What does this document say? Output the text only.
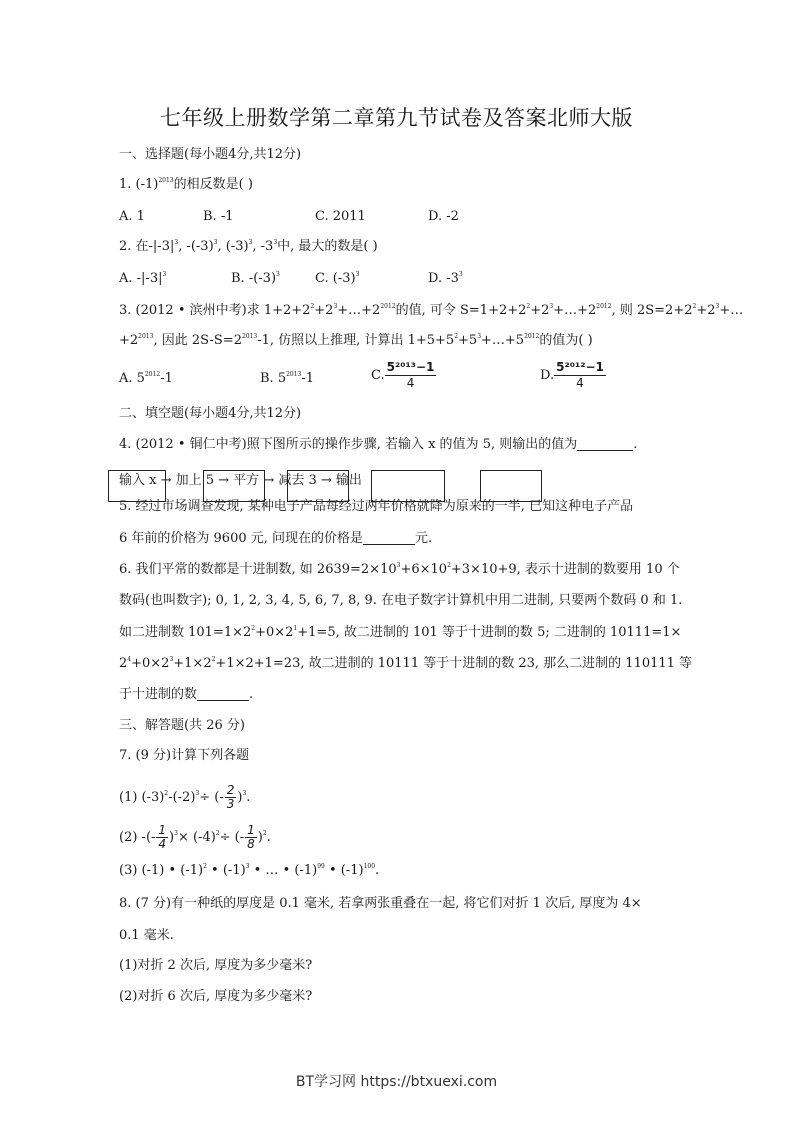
七年级上册数学第二章第九节试卷及答案北师大版
一、选择题(每小题4分,共12分)
1. $(-1)^{2013}$的相反数是( )
A. 1	B. -1	C. 2011	D. -2
2. 在$-|-3|^3$, $-(-3)^3$, $(-3)^3$, $-3^3$中, 最大的数是( )
A. $-|-3|^3$	B. $-(-3)^3$	C. $(-3)^3$	D. $-3^3$
3. (2012 • 滨州中考)求 $1+2+2^2+2^3+\dots+2^{2012}$的值, 可令 $S=1+2+2^2+2^3+\dots+2^{2012}$, 则 $2S=2+2^2+2^3+\dots$
$+2^{2013}$, 因此 $2S-S=2^{2013}-1$, 仿照以上推理, 计算出 $1+5+5^2+5^3+\dots+5^{2012}$的值为( )
A. $5^{2012}-1$	B. $5^{2013}-1$	C. $\frac{\text{5²⁰¹³−1}}{4}$	D. $\frac{\text{5²⁰¹²−1}}{4}$
二、填空题(每小题4分,共12分)
4. (2012 • 铜仁中考)照下图所示的操作步骤, 若输入 x 的值为 5, 则输出的值为	.
输入 x → 加上 5 → 平方 → 减去 3 → 输出
5. 经过市场调查发现, 某种电子产品每经过两年价格就降为原来的一半, 已知这种电子产品
6 年前的价格为 9600 元, 问现在的价格是	元.
6. 我们平常的数都是十进制数, 如 $2639=2\times 10^3+6\times 10^2+3\times 10+9$, 表示十进制的数要用 10 个
数码(也叫数字); 0, 1, 2, 3, 4, 5, 6, 7, 8, 9. 在电子数字计算机中用二进制, 只要两个数码 0 和 1.
如二进制数 $101=1\times 2^2+0\times 2^1+1=5$, 故二进制的 101 等于十进制的数 5; 二进制的 10111=1×
$2^4+0\times 2^3+1\times 2^2+1\times 2+1=23$, 故二进制的 10111 等于十进制的数 23, 那么二进制的 110111 等
于十进制的数	.
三、解答题(共 26 分)
7. (9 分)计算下列各题
(1) $(-3)^2-(-2)^3\div$ (- $\frac{2}{3} )^3$.
(2) -(- $\frac{1}{4} )^3\times (-4)^2\div$ (- $\frac{1}{8} )^2$.
(3) (-1) • $(-1)^2$ • $(-1)^3$ • … • $(-1)^{99}$ • $(-1)^{100}$.
8. (7 分)有一种纸的厚度是 0.1 毫米, 若拿两张重叠在一起, 将它们对折 1 次后, 厚度为 4×
0.1 毫米.
(1)对折 2 次后, 厚度为多少毫米?
(2)对折 6 次后, 厚度为多少毫米?
BT学习网 https://btxuexi.com
